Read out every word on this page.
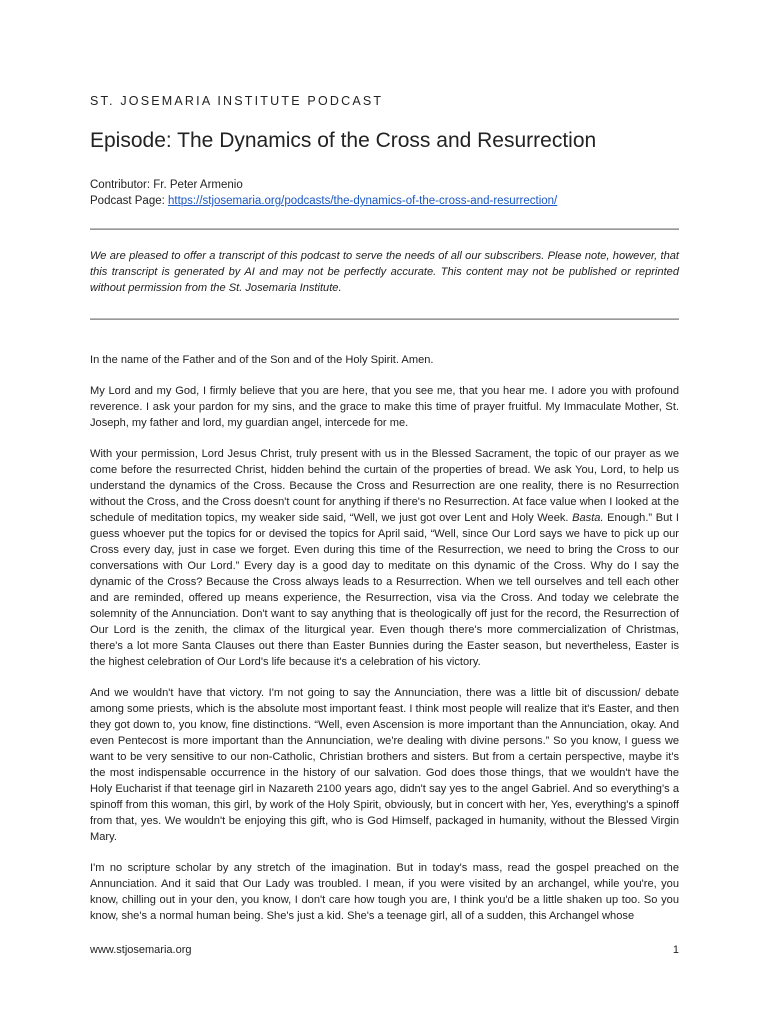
ST. JOSEMARIA INSTITUTE PODCAST
Episode: The Dynamics of the Cross and Resurrection
Contributor: Fr. Peter Armenio
Podcast Page: https://stjosemaria.org/podcasts/the-dynamics-of-the-cross-and-resurrection/

We are pleased to offer a transcript of this podcast to serve the needs of all our subscribers. Please note, however, that this transcript is generated by AI and may not be perfectly accurate. This content may not be published or reprinted without permission from the St. Josemaria Institute.

In the name of the Father and of the Son and of the Holy Spirit. Amen.

My Lord and my God, I firmly believe that you are here, that you see me, that you hear me. I adore you with profound reverence. I ask your pardon for my sins, and the grace to make this time of prayer fruitful. My Immaculate Mother, St. Joseph, my father and lord, my guardian angel, intercede for me.

With your permission, Lord Jesus Christ, truly present with us in the Blessed Sacrament, the topic of our prayer as we come before the resurrected Christ, hidden behind the curtain of the properties of bread. We ask You, Lord, to help us understand the dynamics of the Cross. Because the Cross and Resurrection are one reality, there is no Resurrection without the Cross, and the Cross doesn't count for anything if there's no Resurrection. At face value when I looked at the schedule of meditation topics, my weaker side said, “Well, we just got over Lent and Holy Week. Basta. Enough.” But I guess whoever put the topics for or devised the topics for April said, “Well, since Our Lord says we have to pick up our Cross every day, just in case we forget. Even during this time of the Resurrection, we need to bring the Cross to our conversations with Our Lord.” Every day is a good day to meditate on this dynamic of the Cross. Why do I say the dynamic of the Cross? Because the Cross always leads to a Resurrection. When we tell ourselves and tell each other and are reminded, offered up means experience, the Resurrection, visa via the Cross. And today we celebrate the solemnity of the Annunciation. Don't want to say anything that is theologically off just for the record, the Resurrection of Our Lord is the zenith, the climax of the liturgical year. Even though there's more commercialization of Christmas, there's a lot more Santa Clauses out there than Easter Bunnies during the Easter season, but nevertheless, Easter is the highest celebration of Our Lord's life because it's a celebration of his victory.

And we wouldn't have that victory. I'm not going to say the Annunciation, there was a little bit of discussion/ debate among some priests, which is the absolute most important feast. I think most people will realize that it's Easter, and then they got down to, you know, fine distinctions. “Well, even Ascension is more important than the Annunciation, okay. And even Pentecost is more important than the Annunciation, we're dealing with divine persons.” So you know, I guess we want to be very sensitive to our non-Catholic, Christian brothers and sisters. But from a certain perspective, maybe it's the most indispensable occurrence in the history of our salvation. God does those things, that we wouldn't have the Holy Eucharist if that teenage girl in Nazareth 2100 years ago, didn't say yes to the angel Gabriel. And so everything's a spinoff from this woman, this girl, by work of the Holy Spirit, obviously, but in concert with her, Yes, everything's a spinoff from that, yes. We wouldn't be enjoying this gift, who is God Himself, packaged in humanity, without the Blessed Virgin Mary.

I'm no scripture scholar by any stretch of the imagination. But in today's mass, read the gospel preached on the Annunciation. And it said that Our Lady was troubled. I mean, if you were visited by an archangel, while you're, you know, chilling out in your den, you know, I don't care how tough you are, I think you'd be a little shaken up too. So you know, she's a normal human being. She's just a kid. She's a teenage girl, all of a sudden, this Archangel whose

www.stjosemaria.org	1
